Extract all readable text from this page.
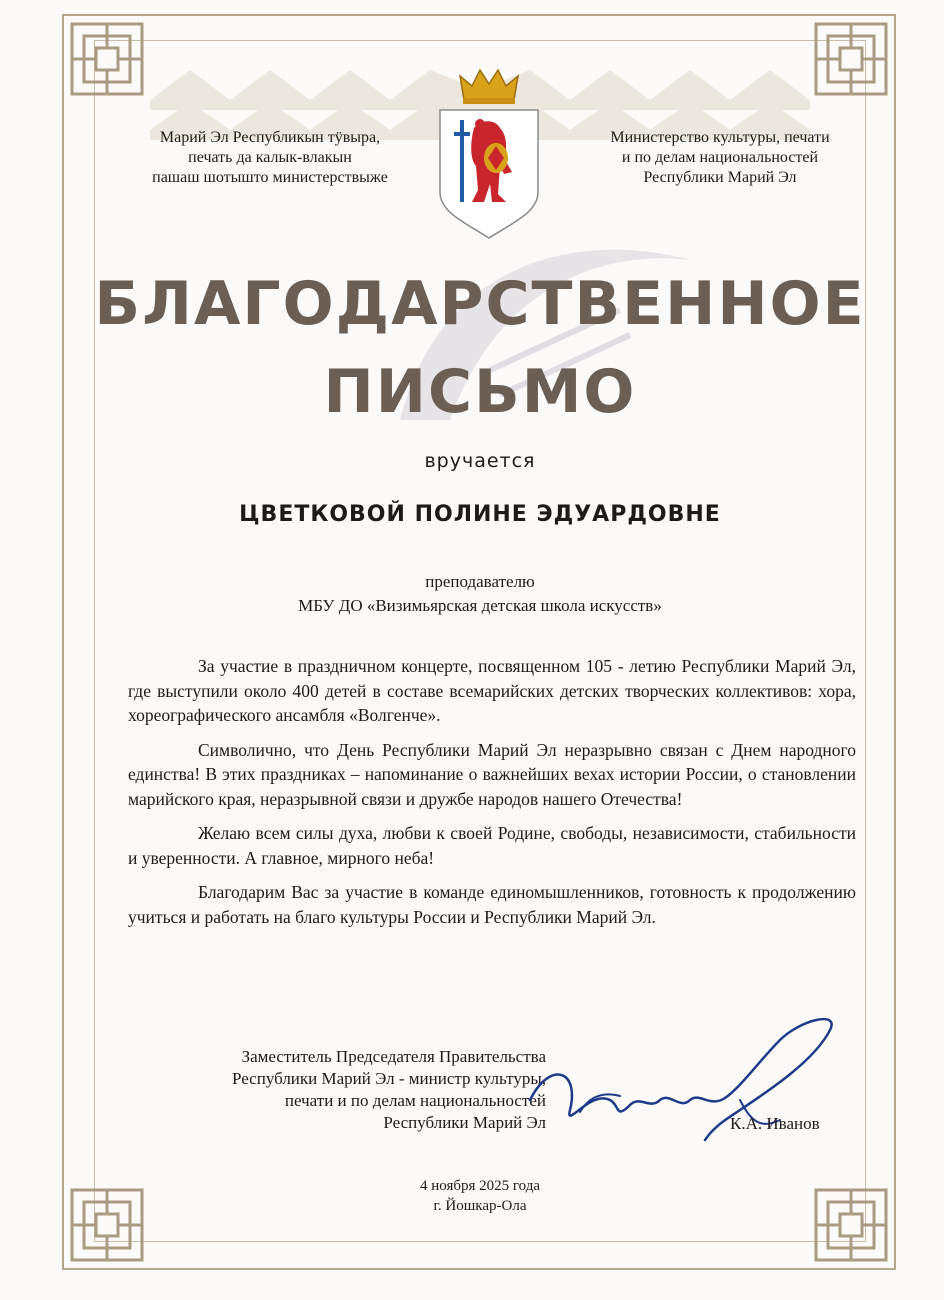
Марий Эл Республикын тӱвыра,
печать да калык-влакын
пашаш шотышто министерствыже
Министерство культуры, печати
и по делам национальностей
Республики Марий Эл
БЛАГОДАРСТВЕННОЕ
ПИСЬМО
вручается
ЦВЕТКОВОЙ ПОЛИНЕ ЭДУАРДОВНЕ
преподавателю
МБУ ДО «Визимьярская детская школа искусств»

За участие в праздничном концерте, посвященном 105 - летию Республики Марий Эл, где выступили около 400 детей в составе всемарийских детских творческих коллективов: хора, хореографического ансамбля «Волгенче».

Символично, что День Республики Марий Эл неразрывно связан с Днем народного единства! В этих праздниках – напоминание о важнейших вехах истории России, о становлении марийского края, неразрывной связи и дружбе народов нашего Отечества!

Желаю всем силы духа, любви к своей Родине, свободы, независимости, стабильности и уверенности. А главное, мирного неба!

Благодарим Вас за участие в команде единомышленников, готовность к продолжению учиться и работать на благо культуры России и Республики Марий Эл.

Заместитель Председателя Правительства
Республики Марий Эл - министр культуры,
печати и по делам национальностей
Республики Марий Эл	К.А. Иванов
4 ноября 2025 года
г. Йошкар-Ола
